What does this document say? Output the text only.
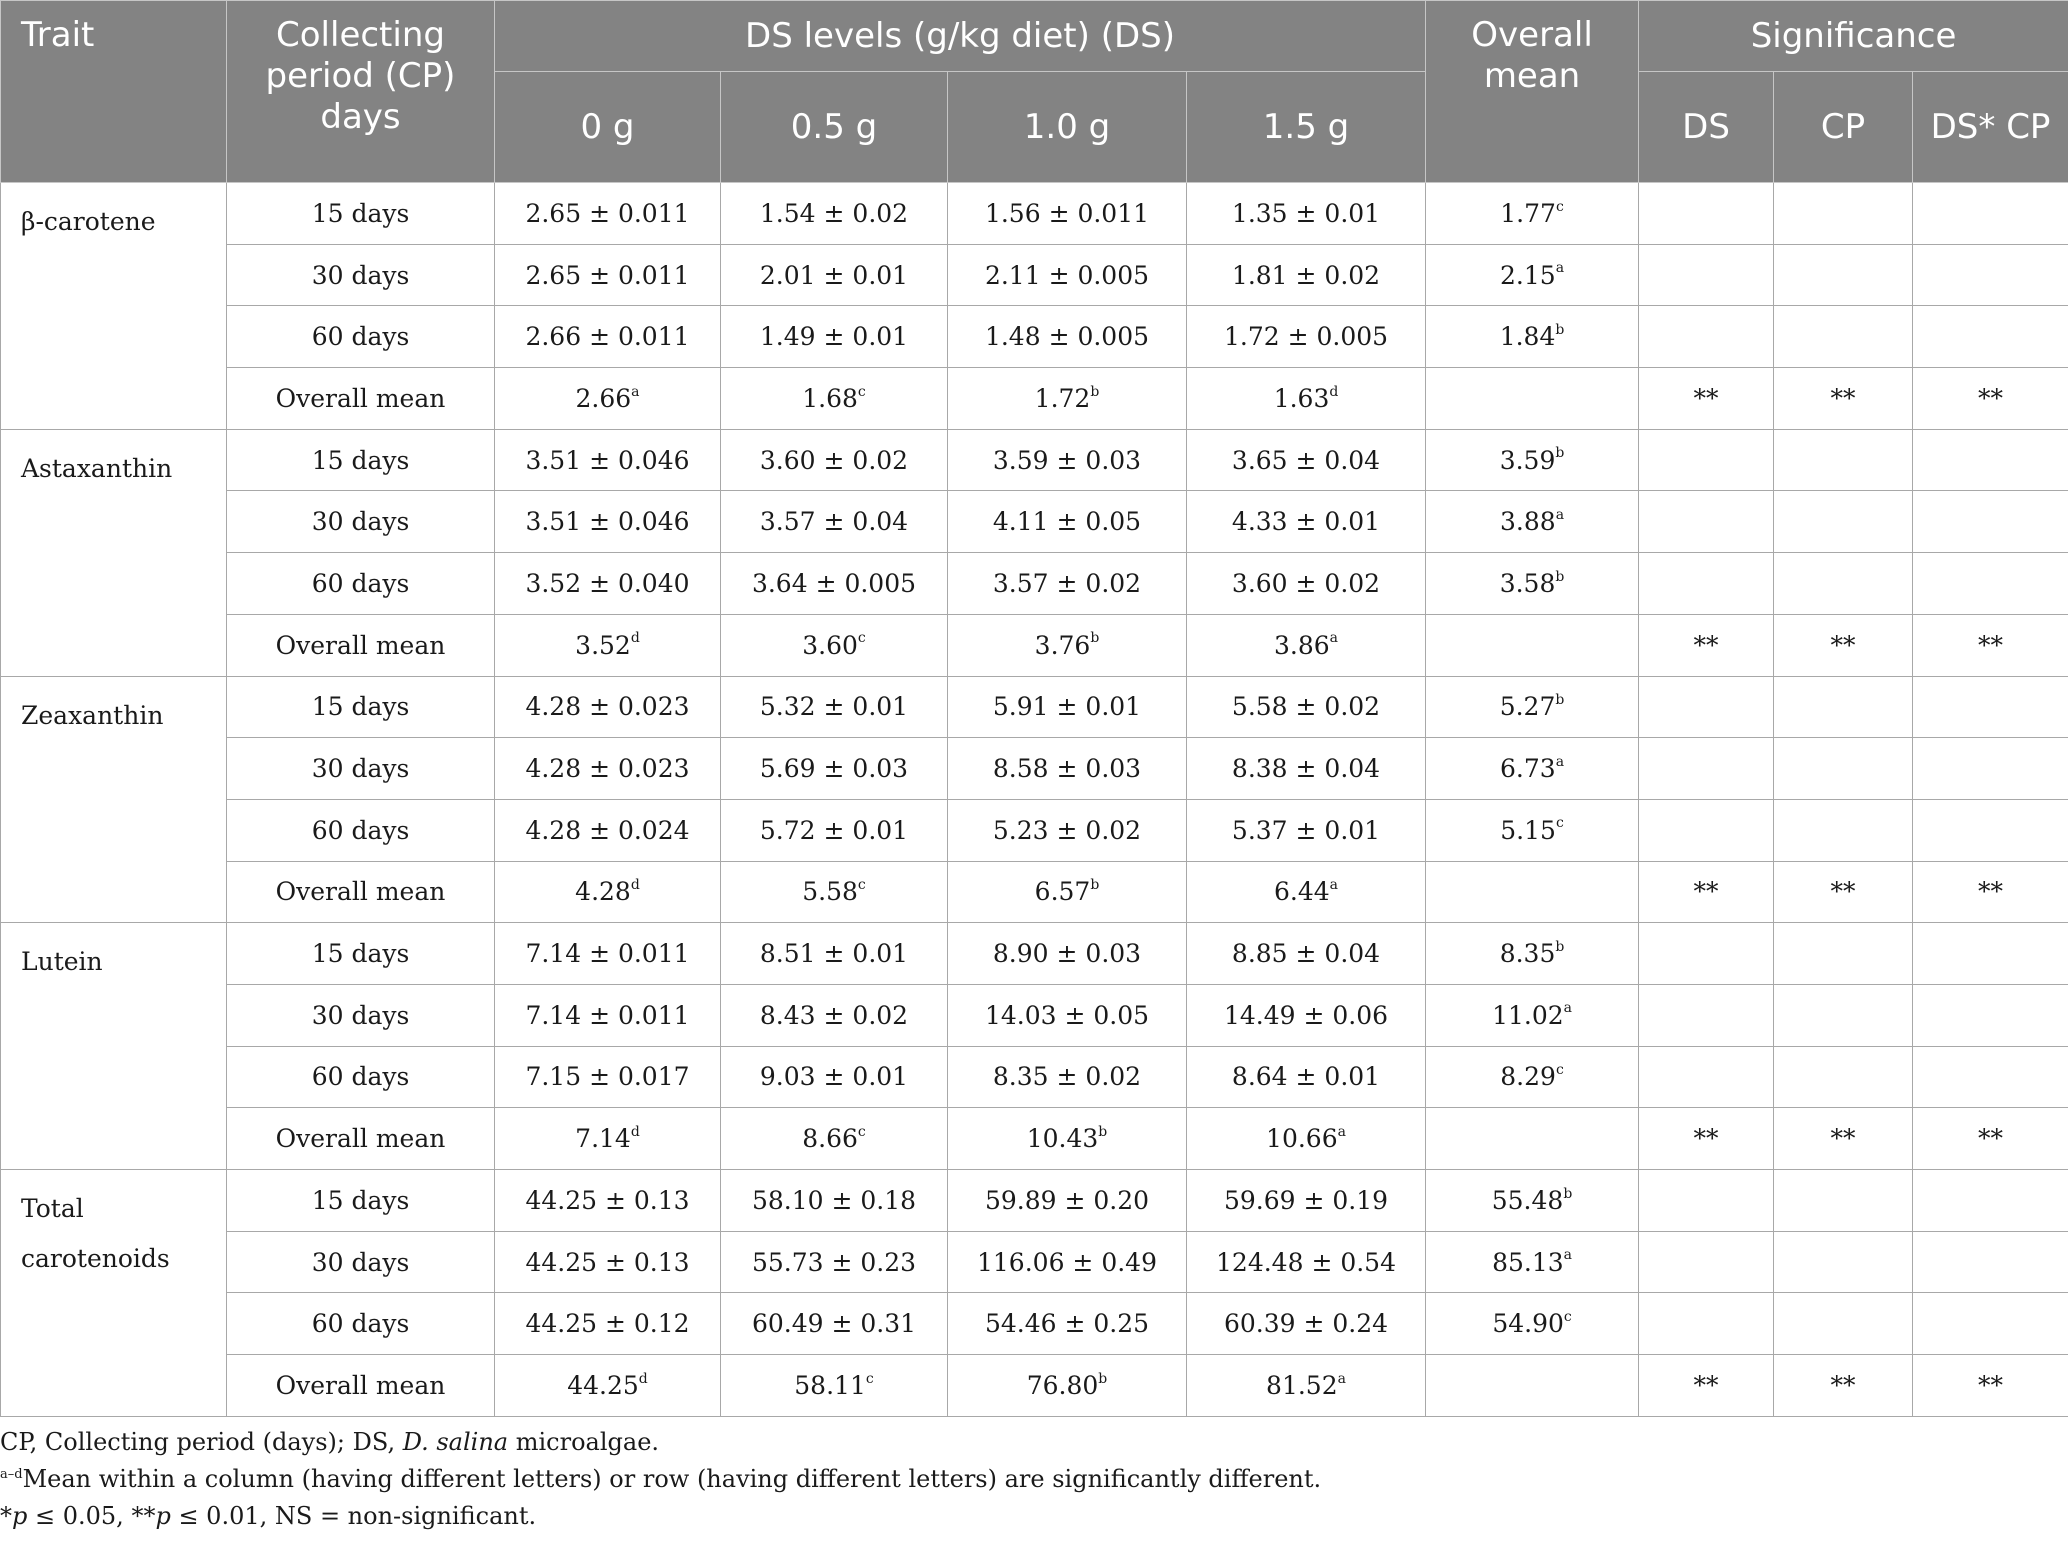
Trait	Collecting period (CP) days	DS levels (g/kg diet) (DS)				Overall mean	Significance		
		0 g	0.5 g	1.0 g	1.5 g		DS	CP	DS* CP
β-carotene	15 days	2.65 ± 0.011	1.54 ± 0.02	1.56 ± 0.011	1.35 ± 0.01	1.77$^c$			
	30 days	2.65 ± 0.011	2.01 ± 0.01	2.11 ± 0.005	1.81 ± 0.02	2.15$^a$			
	60 days	2.66 ± 0.011	1.49 ± 0.01	1.48 ± 0.005	1.72 ± 0.005	1.84$^b$			
	Overall mean	2.66$^a$	1.68$^c$	1.72$^b$	1.63$^d$		**	**	**
Astaxanthin	15 days	3.51 ± 0.046	3.60 ± 0.02	3.59 ± 0.03	3.65 ± 0.04	3.59$^b$			
	30 days	3.51 ± 0.046	3.57 ± 0.04	4.11 ± 0.05	4.33 ± 0.01	3.88$^a$			
	60 days	3.52 ± 0.040	3.64 ± 0.005	3.57 ± 0.02	3.60 ± 0.02	3.58$^b$			
	Overall mean	3.52$^d$	3.60$^c$	3.76$^b$	3.86$^a$		**	**	**
Zeaxanthin	15 days	4.28 ± 0.023	5.32 ± 0.01	5.91 ± 0.01	5.58 ± 0.02	5.27$^b$			
	30 days	4.28 ± 0.023	5.69 ± 0.03	8.58 ± 0.03	8.38 ± 0.04	6.73$^a$			
	60 days	4.28 ± 0.024	5.72 ± 0.01	5.23 ± 0.02	5.37 ± 0.01	5.15$^c$			
	Overall mean	4.28$^d$	5.58$^c$	6.57$^b$	6.44$^a$		**	**	**
Lutein	15 days	7.14 ± 0.011	8.51 ± 0.01	8.90 ± 0.03	8.85 ± 0.04	8.35$^b$			
	30 days	7.14 ± 0.011	8.43 ± 0.02	14.03 ± 0.05	14.49 ± 0.06	11.02$^a$			
	60 days	7.15 ± 0.017	9.03 ± 0.01	8.35 ± 0.02	8.64 ± 0.01	8.29$^c$			
	Overall mean	7.14$^d$	8.66$^c$	10.43$^b$	10.66$^a$		**	**	**
Total carotenoids	15 days	44.25 ± 0.13	58.10 ± 0.18	59.89 ± 0.20	59.69 ± 0.19	55.48$^b$			
	30 days	44.25 ± 0.13	55.73 ± 0.23	116.06 ± 0.49	124.48 ± 0.54	85.13$^a$			
	60 days	44.25 ± 0.12	60.49 ± 0.31	54.46 ± 0.25	60.39 ± 0.24	54.90$^c$			
	Overall mean	44.25$^d$	58.11$^c$	76.80$^b$	81.52$^a$		**	**	**

CP, Collecting period (days); DS, D. salina microalgae.

$^{a-d}$Mean within a column (having different letters) or row (having different letters) are significantly different.

*p ≤ 0.05, **p ≤ 0.01, NS = non-significant.
